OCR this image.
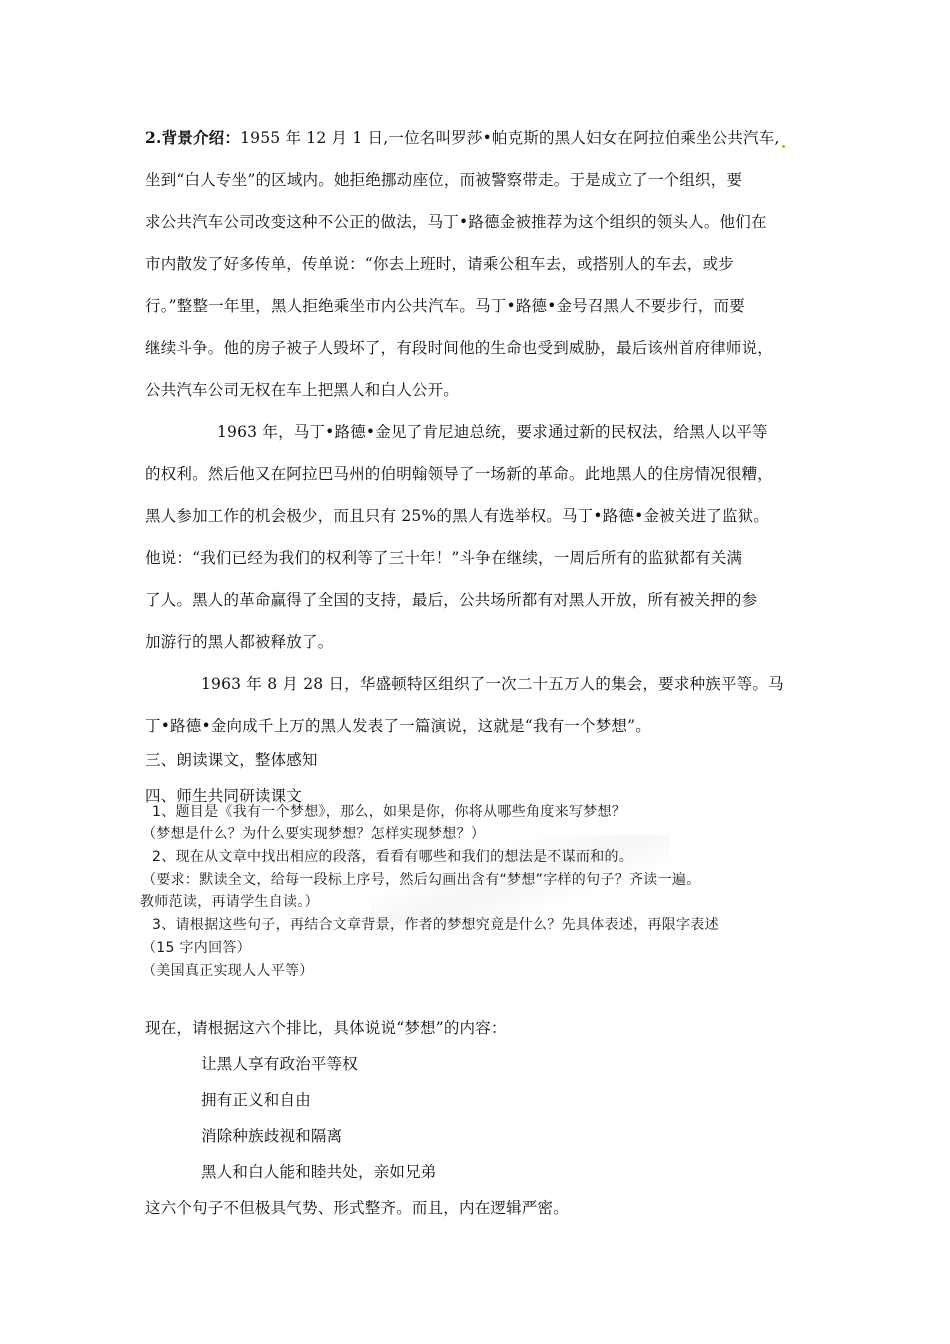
2.背景介绍：1955 年 12 月 1 日,一位名叫罗莎•帕克斯的黑人妇女在阿拉伯乘坐公共汽车,
坐到“白人专坐”的区域内。她拒绝挪动座位，而被警察带走。于是成立了一个组织，要
求公共汽车公司改变这种不公正的做法，马丁•路德金被推荐为这个组织的领头人。他们在
市内散发了好多传单，传单说：“你去上班时，请乘公租车去，或搭别人的车去，或步
行。”整整一年里，黑人拒绝乘坐市内公共汽车。马丁•路德•金号召黑人不要步行，而要
继续斗争。他的房子被子人毁坏了，有段时间他的生命也受到威胁，最后该州首府律师说，
公共汽车公司无权在车上把黑人和白人公开。
1963 年，马丁•路德•金见了肯尼迪总统，要求通过新的民权法，给黑人以平等
的权利。然后他又在阿拉巴马州的伯明翰领导了一场新的革命。此地黑人的住房情况很糟，
黑人参加工作的机会极少，而且只有 25%的黑人有选举权。马丁•路德•金被关进了监狱。
他说：“我们已经为我们的权利等了三十年！”斗争在继续，一周后所有的监狱都有关满
了人。黑人的革命赢得了全国的支持，最后，公共场所都有对黑人开放，所有被关押的参
加游行的黑人都被释放了。
1963 年 8 月 28 日，华盛顿特区组织了一次二十五万人的集会，要求种族平等。马
丁•路德•金向成千上万的黑人发表了一篇演说，这就是“我有一个梦想”。
三、朗读课文，整体感知
四、师生共同研读课文
1、题目是《我有一个梦想》，那么，如果是你，你将从哪些角度来写梦想？
（梦想是什么？为什么要实现梦想？怎样实现梦想？）
2、现在从文章中找出相应的段落，看看有哪些和我们的想法是不谋而和的。
（要求：默读全文，给每一段标上序号，然后勾画出含有“梦想”字样的句子？齐读一遍。
教师范读，再请学生自读。）
3、请根据这些句子，再结合文章背景，作者的梦想究竟是什么？先具体表述，再限字表述
（15 字内回答）
（美国真正实现人人平等）
现在，请根据这六个排比，具体说说“梦想”的内容：
让黑人享有政治平等权
拥有正义和自由
消除种族歧视和隔离
黑人和白人能和睦共处，亲如兄弟
这六个句子不但极具气势、形式整齐。而且，内在逻辑严密。
